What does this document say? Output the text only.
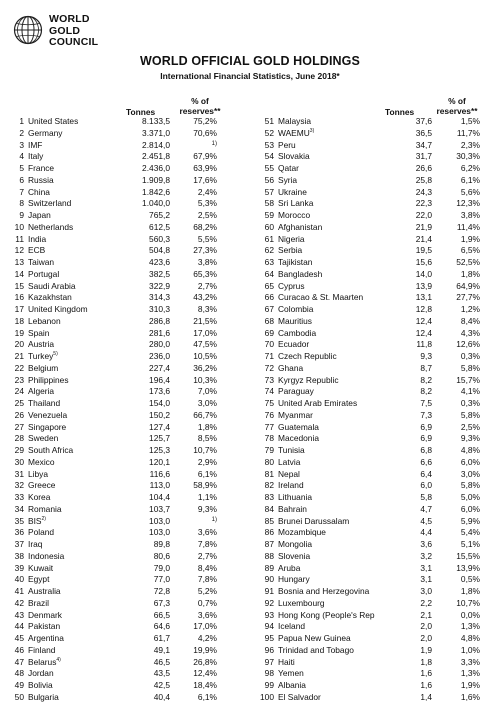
WORLD
GOLD
COUNCIL
WORLD OFFICIAL GOLD HOLDINGS
International Financial Statistics, June 2018*
Tonnes
% of
reserves**	Tonnes
% of
reserves**
1 United States	8.133,5	75,2%
2 Germany	3.371,0	70,6%
3 IMF	2.814,0	1)
4 Italy	2.451,8	67,9%
5 France	2.436,0	63,9%
6 Russia	1.909,8	17,6%
7 China	1.842,6	2,4%
8 Switzerland	1.040,0	5,3%
9 Japan	765,2	2,5%
10 Netherlands	612,5	68,2%
11 India	560,3	5,5%
12 ECB	504,8	27,3%
13 Taiwan	423,6	3,8%
14 Portugal	382,5	65,3%
15 Saudi Arabia	322,9	2,7%
16 Kazakhstan	314,3	43,2%
17 United Kingdom	310,3	8,3%
18 Lebanon	286,8	21,5%
19 Spain	281,6	17,0%
20 Austria	280,0	47,5%
21 Turkey$^{5)}$	236,0	10,5%
22 Belgium	227,4	36,2%
23 Philippines	196,4	10,3%
24 Algeria	173,6	7,0%
25 Thailand	154,0	3,0%
26 Venezuela	150,2	66,7%
27 Singapore	127,4	1,8%
28 Sweden	125,7	8,5%
29 South Africa	125,3	10,7%
30 Mexico	120,1	2,9%
31 Libya	116,6	6,1%
32 Greece	113,0	58,9%
33 Korea	104,4	1,1%
34 Romania	103,7	9,3%
35 BIS$^{2)}$	103,0	1)
36 Poland	103,0	3,6%
37 Iraq	89,8	7,8%
38 Indonesia	80,6	2,7%
39 Kuwait	79,0	8,4%
40 Egypt	77,0	7,8%
41 Australia	72,8	5,2%
42 Brazil	67,3	0,7%
43 Denmark	66,5	3,6%
44 Pakistan	64,6	17,0%
45 Argentina	61,7	4,2%
46 Finland	49,1	19,9%
47 Belarus$^{4)}$	46,5	26,8%
48 Jordan	43,5	12,4%
49 Bolivia	42,5	18,4%
50 Bulgaria	40,4	6,1%
51 Malaysia	37,6	1,5%
52 WAEMU$^{3)}$	36,5	11,7%
53 Peru	34,7	2,3%
54 Slovakia	31,7	30,3%
55 Qatar	26,6	6,2%
56 Syria	25,8	6,1%
57 Ukraine	24,3	5,6%
58 Sri Lanka	22,3	12,3%
59 Morocco	22,0	3,8%
60 Afghanistan	21,9	11,4%
61 Nigeria	21,4	1,9%
62 Serbia	19,5	6,5%
63 Tajikistan	15,6	52,5%
64 Bangladesh	14,0	1,8%
65 Cyprus	13,9	64,9%
66 Curacao & St. Maarten	13,1	27,7%
67 Colombia	12,8	1,2%
68 Mauritius	12,4	8,4%
69 Cambodia	12,4	4,3%
70 Ecuador	11,8	12,6%
71 Czech Republic	9,3	0,3%
72 Ghana	8,7	5,8%
73 Kyrgyz Republic	8,2	15,7%
74 Paraguay	8,2	4,1%
75 United Arab Emirates	7,5	0,3%
76 Myanmar	7,3	5,8%
77 Guatemala	6,9	2,5%
78 Macedonia	6,9	9,3%
79 Tunisia	6,8	4,8%
80 Latvia	6,6	6,0%
81 Nepal	6,4	3,0%
82 Ireland	6,0	5,8%
83 Lithuania	5,8	5,0%
84 Bahrain	4,7	6,0%
85 Brunei Darussalam	4,5	5,9%
86 Mozambique	4,4	5,4%
87 Mongolia	3,6	5,1%
88 Slovenia	3,2	15,5%
89 Aruba	3,1	13,9%
90 Hungary	3,1	0,5%
91 Bosnia and Herzegovina	3,0	1,8%
92 Luxembourg	2,2	10,7%
93 Hong Kong (People's Rep	2,1	0,0%
94 Iceland	2,0	1,3%
95 Papua New Guinea	2,0	4,8%
96 Trinidad and Tobago	1,9	1,0%
97 Haiti	1,8	3,3%
98 Yemen	1,6	1,3%
99 Albania	1,6	1,9%
100 El Salvador	1,4	1,6%
